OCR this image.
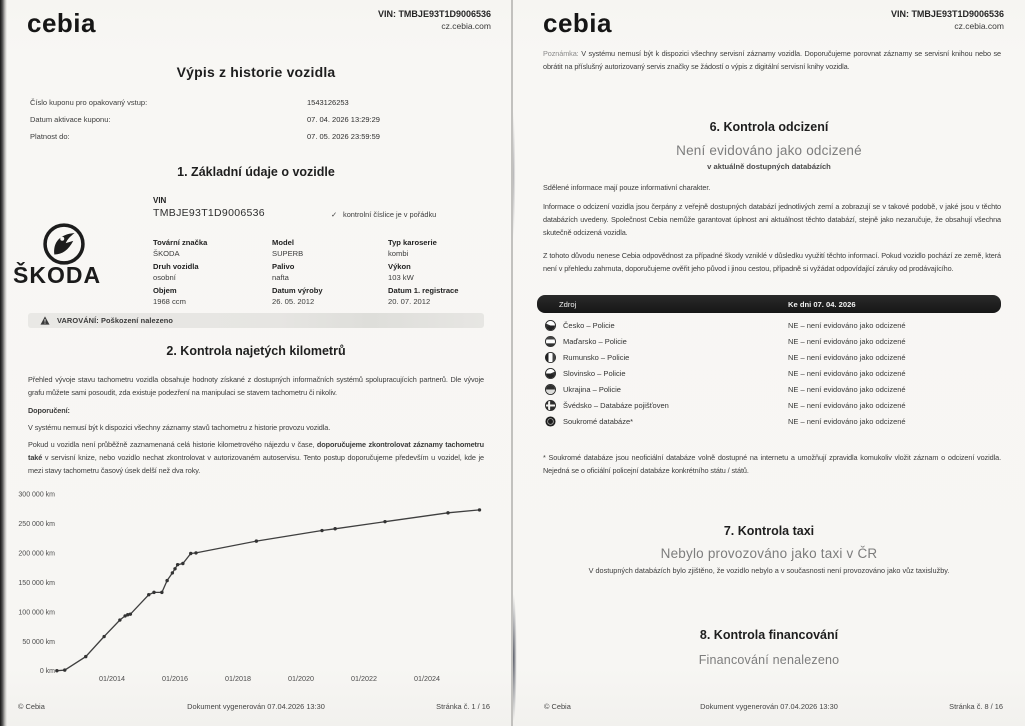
cebia	VIN: TMBJE93T1D9006536
cz.cebia.com
Výpis z historie vozidla
Číslo kuponu pro opakovaný vstup:	1543126253
Datum aktivace kuponu:	07. 04. 2026 13:29:29
Platnost do:	07. 05. 2026 23:59:59
1. Základní údaje o vozidle
ŠKODA
VIN
TMBJE93T1D9006536	✓ kontrolní číslice je v pořádku
Tovární značka
ŠKODA
Model
SUPERB
Typ karoserie
kombi
Druh vozidla
osobní
Palivo
nafta
Výkon
103 kW
Objem
1968 ccm
Datum výroby
26. 05. 2012
Datum 1. registrace
20. 07. 2012
VAROVÁNÍ: Poškození nalezeno
2. Kontrola najetých kilometrů
Přehled vývoje stavu tachometru vozidla obsahuje hodnoty získané z dostupných informačních systémů spolupracujících partnerů. Dle vývoje grafu můžete sami posoudit, zda existuje podezření na manipulaci se stavem tachometru či nikoliv.
Doporučení:
V systému nemusí být k dispozici všechny záznamy stavů tachometru z historie provozu vozidla.
Pokud u vozidla není průběžně zaznamenaná celá historie kilometrového nájezdu v čase, doporučujeme zkontrolovat záznamy tachometru také v servisní knize, nebo vozidlo nechat zkontrolovat v autorizovaném autoservisu. Tento postup doporučujeme především u vozidel, kde je mezi stavy tachometru časový úsek delší než dva roky.
300 000 km
250 000 km
200 000 km
150 000 km
100 000 km
50 000 km
0 km
01/2014	01/2016	01/2018	01/2020	01/2022	01/2024
© Cebia	Dokument vygenerován 07.04.2026 13:30	Stránka č. 1 / 16
cebia	VIN: TMBJE93T1D9006536
cz.cebia.com
Poznámka: V systému nemusí být k dispozici všechny servisní záznamy vozidla. Doporučujeme porovnat záznamy se servisní knihou nebo se obrátit na příslušný autorizovaný servis značky se žádostí o výpis z digitální servisní knihy vozidla.
6. Kontrola odcizení
Není evidováno jako odcizené
v aktuálně dostupných databázích
Sdělené informace mají pouze informativní charakter.
Informace o odcizení vozidla jsou čerpány z veřejně dostupných databází jednotlivých zemí a zobrazují se v takové podobě, v jaké jsou v těchto databázích uvedeny. Společnost Cebia nemůže garantovat úplnost ani aktuálnost těchto databází, stejně jako nezaručuje, že obsahují všechna skutečně odcizená vozidla.
Z tohoto důvodu nenese Cebia odpovědnost za případné škody vzniklé v důsledku využití těchto informací. Pokud vozidlo pochází ze země, která není v přehledu zahrnuta, doporučujeme ověřit jeho původ i jinou cestou, případně si vyžádat odpovídající záruky od prodávajícího.
Zdroj	Ke dni 07. 04. 2026
Česko – Policie	NE – není evidováno jako odcizené
Maďarsko – Policie	NE – není evidováno jako odcizené
Rumunsko – Policie	NE – není evidováno jako odcizené
Slovinsko – Policie	NE – není evidováno jako odcizené
Ukrajina – Policie	NE – není evidováno jako odcizené
Švédsko – Databáze pojišťoven	NE – není evidováno jako odcizené
Soukromé databáze*	NE – není evidováno jako odcizené
* Soukromé databáze jsou neoficiální databáze volně dostupné na internetu a umožňují zpravidla komukoliv vložit záznam o odcizení vozidla. Nejedná se o oficiální policejní databáze konkrétního státu / států.
7. Kontrola taxi
Nebylo provozováno jako taxi v ČR
V dostupných databázích bylo zjištěno, že vozidlo nebylo a v současnosti není provozováno jako vůz taxislužby.
8. Kontrola financování
Financování nenalezeno
© Cebia	Dokument vygenerován 07.04.2026 13:30	Stránka č. 8 / 16
